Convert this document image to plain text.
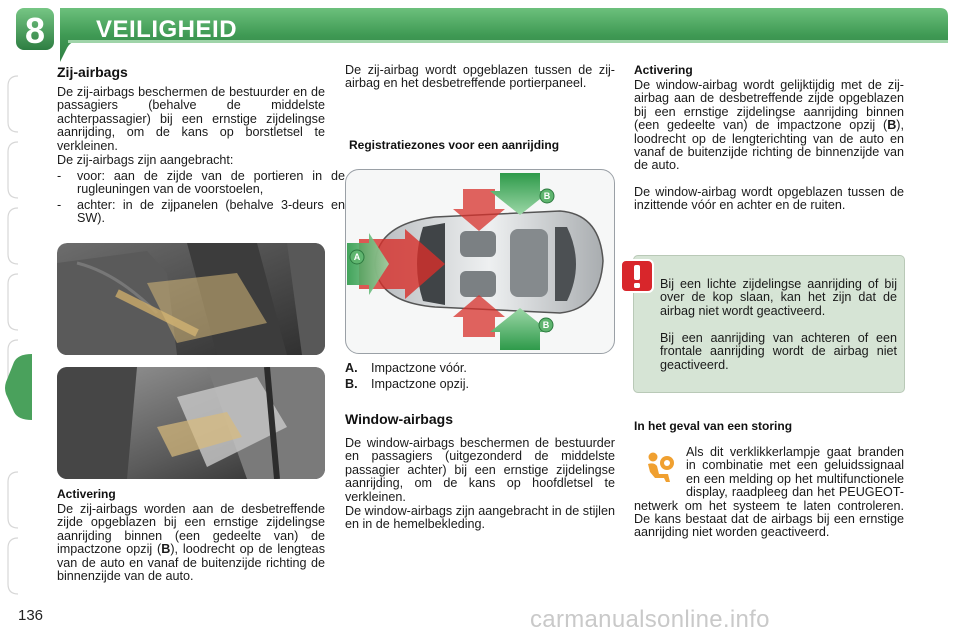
8	VEILIGHEID
Zij-airbags

De zij-airbags beschermen de bestuurder en de passagiers (behalve de middelste achterpassagier) bij een ernstige zijdelingse aanrijding, om de kans op borstletsel te verkleinen.

De zij-airbags zijn aangebracht:

- voor: aan de zijde van de portieren in de rugleuningen van de voorstoelen,

- achter: in de zijpanelen (behalve 3-deurs en SW).

Activering

De zij-airbags worden aan de desbetreffende zijde opgeblazen bij een ernstige zijdelingse aanrijding binnen (een gedeelte van) de impactzone opzij (B), loodrecht op de lengteas van de auto en vanaf de buitenzijde richting de binnenzijde van de auto.

De zij-airbag wordt opgeblazen tussen de zij-airbag en het desbetreffende portierpaneel.

Registratiezones voor een aanrijding
A
B
B
A. Impactzone vóór.
B. Impactzone opzij.
Window-airbags

De window-airbags beschermen de bestuurder en passagiers (uitgezonderd de middelste passagier achter) bij een ernstige zijdelingse aanrijding, om de kans op hoofdletsel te verkleinen.

De window-airbags zijn aangebracht in de stijlen en in de hemelbekleding.

Activering

De window-airbag wordt gelijktijdig met de zij-airbag aan de desbetreffende zijde opgeblazen bij een ernstige zijdelingse aanrijding binnen (een gedeelte van) de impactzone opzij (B), loodrecht op de lengterichting van de auto en vanaf de buitenzijde richting de binnenzijde van de auto.

De window-airbag wordt opgeblazen tussen de inzittende vóór en achter en de ruiten.

Bij een lichte zijdelingse aanrijding of bij over de kop slaan, kan het zijn dat de airbag niet wordt geactiveerd.

Bij een aanrijding van achteren of een frontale aanrijding wordt de airbag niet geactiveerd.

In het geval van een storing

Als dit verklikkerlampje gaat branden in combinatie met een geluidssignaal en een melding op het multifunctionele display, raadpleeg dan het PEUGEOT-netwerk om het systeem te laten controleren. De kans bestaat dat de airbags bij een ernstige aanrijding niet worden geactiveerd.

136	carmanualsonline.info
